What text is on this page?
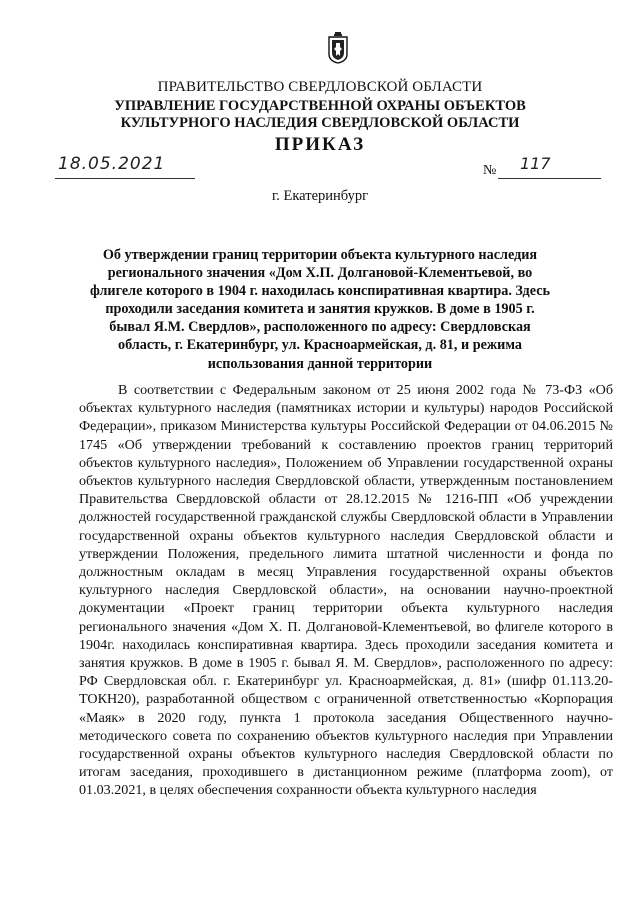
ПРАВИТЕЛЬСТВО СВЕРДЛОВСКОЙ ОБЛАСТИ
УПРАВЛЕНИЕ ГОСУДАРСТВЕННОЙ ОХРАНЫ ОБЪЕКТОВ КУЛЬТУРНОГО НАСЛЕДИЯ СВЕРДЛОВСКОЙ ОБЛАСТИ
ПРИКАЗ
18.05.2021	№ 117
г. Екатеринбург
Об утверждении границ территории объекта культурного наследия регионального значения «Дом Х.П. Долгановой-Клементьевой, во флигеле которого в 1904 г. находилась конспиративная квартира. Здесь проходили заседания комитета и занятия кружков. В доме в 1905 г. бывал Я.М. Свердлов», расположенного по адресу: Свердловская область, г. Екатеринбург, ул. Красноармейская, д. 81, и режима использования данной территории

В соответствии с Федеральным законом от 25 июня 2002 года № 73-ФЗ «Об объектах культурного наследия (памятниках истории и культуры) народов Российской Федерации», приказом Министерства культуры Российской Федерации от 04.06.2015 № 1745 «Об утверждении требований к составлению проектов границ территорий объектов культурного наследия», Положением об Управлении государственной охраны объектов культурного наследия Свердловской области, утвержденным постановлением Правительства Свердловской области от 28.12.2015 № 1216-ПП «Об учреждении должностей государственной гражданской службы Свердловской области в Управлении государственной охраны объектов культурного наследия Свердловской области и утверждении Положения, предельного лимита штатной численности и фонда по должностным окладам в месяц Управления государственной охраны объектов культурного наследия Свердловской области», на основании научно-проектной документации «Проект границ территории объекта культурного наследия регионального значения «Дом Х. П. Долгановой-Клементьевой, во флигеле которого в 1904г. находилась конспиративная квартира. Здесь проходили заседания комитета и занятия кружков. В доме в 1905 г. бывал Я. М. Свердлов», расположенного по адресу: РФ Свердловская обл. г. Екатеринбург ул. Красноармейская, д. 81» (шифр 01.113.20-ТОКН20), разработанной обществом с ограниченной ответственностью «Корпорация «Маяк» в 2020 году, пункта 1 протокола заседания Общественного научно-методического совета по сохранению объектов культурного наследия при Управлении государственной охраны объектов культурного наследия Свердловской области по итогам заседания, проходившего в дистанционном режиме (платформа zoom), от 01.03.2021, в целях обеспечения сохранности объекта культурного наследия
